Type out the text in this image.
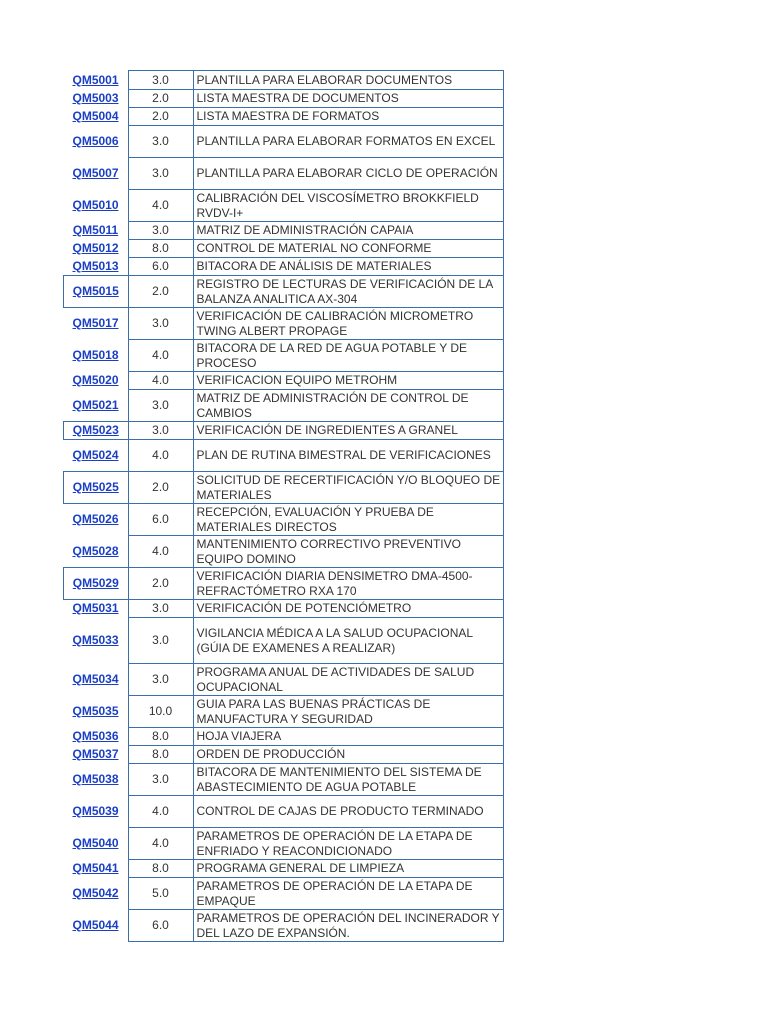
QM5001	3.0	PLANTILLA PARA ELABORAR DOCUMENTOS
QM5003	2.0	LISTA MAESTRA DE DOCUMENTOS
QM5004	2.0	LISTA MAESTRA DE FORMATOS
QM5006	3.0	PLANTILLA PARA ELABORAR FORMATOS EN EXCEL
QM5007	3.0	PLANTILLA PARA ELABORAR CICLO DE OPERACIÓN
QM5010	4.0	CALIBRACIÓN DEL VISCOSÍMETRO BROKKFIELD RVDV-I+
QM5011	3.0	MATRIZ DE ADMINISTRACIÓN CAPAIA
QM5012	8.0	CONTROL DE MATERIAL NO CONFORME
QM5013	6.0	BITACORA DE ANÁLISIS DE MATERIALES
QM5015	2.0	REGISTRO DE LECTURAS DE VERIFICACIÓN DE LA BALANZA ANALITICA AX-304
QM5017	3.0	VERIFICACIÓN DE CALIBRACIÓN MICROMETRO TWING ALBERT PROPAGE
QM5018	4.0	BITACORA DE LA RED DE AGUA POTABLE Y DE PROCESO
QM5020	4.0	VERIFICACION EQUIPO METROHM
QM5021	3.0	MATRIZ DE ADMINISTRACIÓN DE CONTROL DE CAMBIOS
QM5023	3.0	VERIFICACIÓN DE INGREDIENTES A GRANEL
QM5024	4.0	PLAN DE RUTINA BIMESTRAL DE VERIFICACIONES
QM5025	2.0	SOLICITUD DE RECERTIFICACIÓN Y/O BLOQUEO DE MATERIALES
QM5026	6.0	RECEPCIÓN, EVALUACIÓN Y PRUEBA DE MATERIALES DIRECTOS
QM5028	4.0	MANTENIMIENTO CORRECTIVO PREVENTIVO EQUIPO DOMINO
QM5029	2.0	VERIFICACIÓN DIARIA DENSIMETRO DMA-4500-REFRACTÓMETRO RXA 170
QM5031	3.0	VERIFICACIÓN DE POTENCIÓMETRO
QM5033	3.0	VIGILANCIA MÉDICA A LA SALUD OCUPACIONAL (GÚIA DE EXAMENES A REALIZAR)
QM5034	3.0	PROGRAMA ANUAL DE ACTIVIDADES DE SALUD OCUPACIONAL
QM5035	10.0	GUIA PARA LAS BUENAS PRÁCTICAS DE MANUFACTURA Y SEGURIDAD
QM5036	8.0	HOJA VIAJERA
QM5037	8.0	ORDEN DE PRODUCCIÓN
QM5038	3.0	BITACORA DE MANTENIMIENTO DEL SISTEMA DE ABASTECIMIENTO DE AGUA POTABLE
QM5039	4.0	CONTROL DE CAJAS DE PRODUCTO TERMINADO
QM5040	4.0	PARAMETROS DE OPERACIÓN DE LA ETAPA DE ENFRIADO Y REACONDICIONADO
QM5041	8.0	PROGRAMA GENERAL DE LIMPIEZA
QM5042	5.0	PARAMETROS DE OPERACIÓN DE LA ETAPA DE EMPAQUE
QM5044	6.0	PARAMETROS DE OPERACIÓN DEL INCINERADOR Y DEL LAZO DE EXPANSIÓN.
